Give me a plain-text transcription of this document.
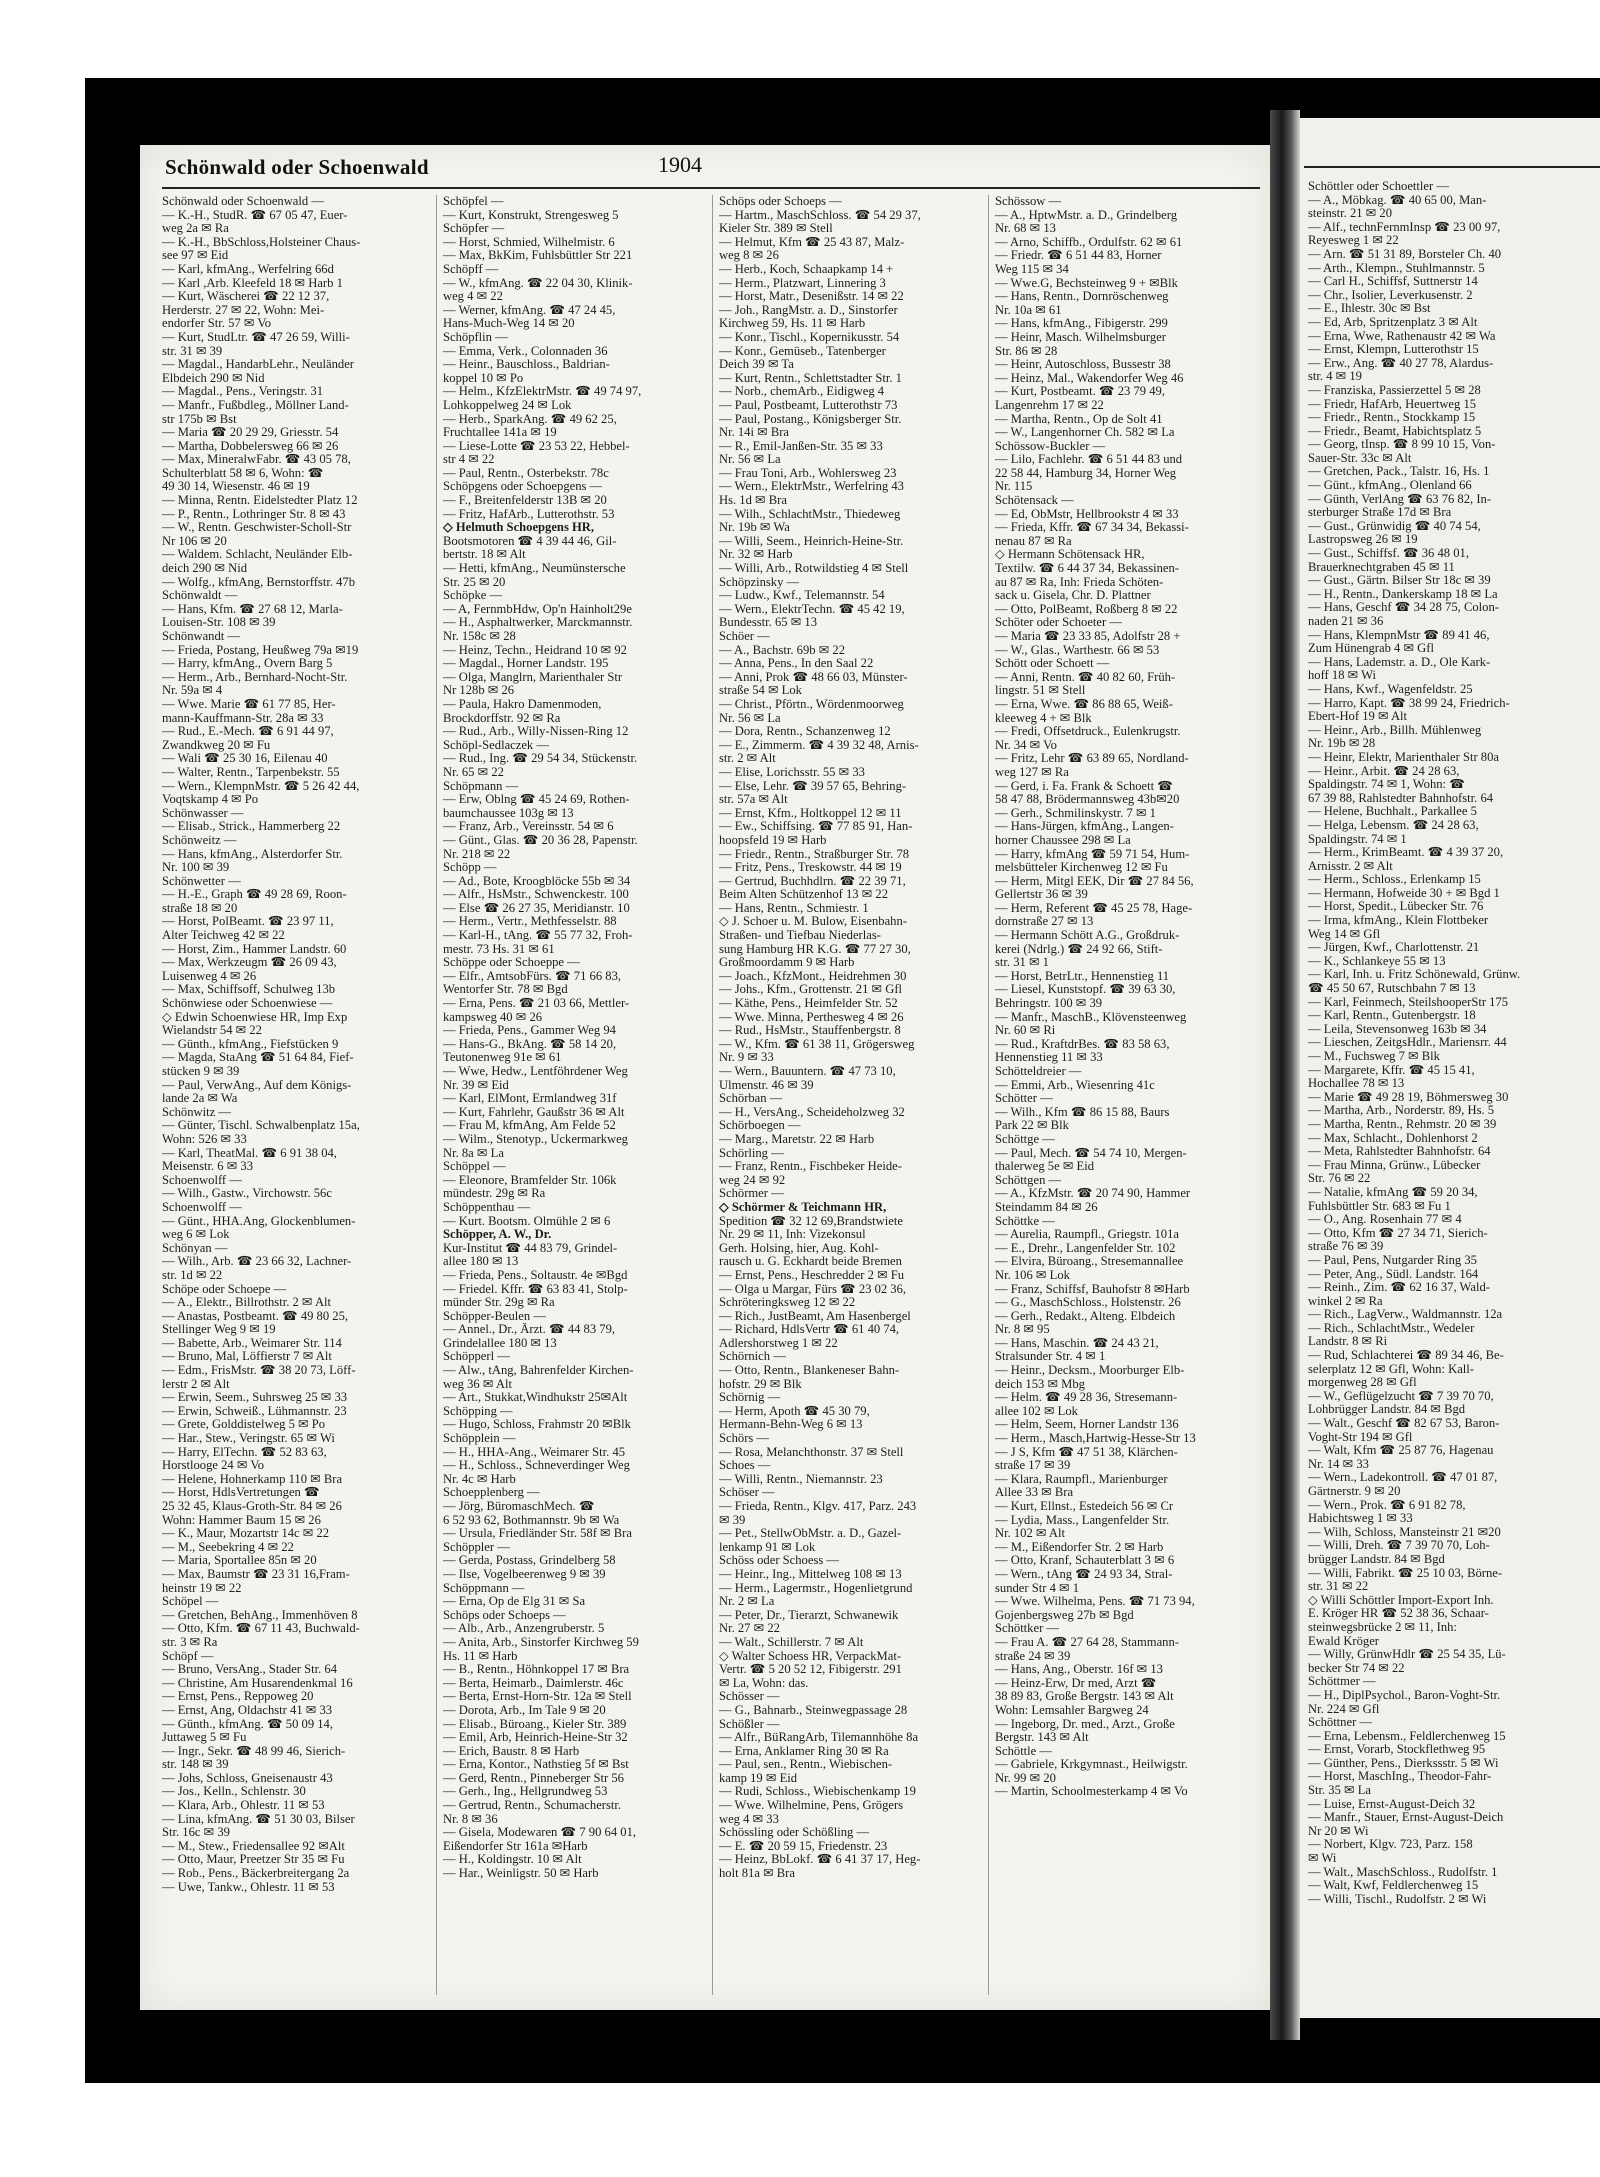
Schönwald oder Schoenwald	1904
Schönwald oder Schoenwald —
— K.-H., StudR. ☎ 67 05 47, Euer-
weg 2a ✉ Ra
— K.-H., BbSchloss,Holsteiner Chaus-
see 97 ✉ Eid
— Karl, kfmAng., Werfelring 66d
— Karl ,Arb. Kleefeld 18 ✉ Harb 1
— Kurt, Wäscherei ☎ 22 12 37,
Herderstr. 27 ✉ 22, Wohn: Mei-
endorfer Str. 57 ✉ Vo
— Kurt, StudLtr. ☎ 47 26 59, Willi-
str. 31 ✉ 39
— Magdal., HandarbLehr., Neuländer
Elbdeich 290 ✉ Nid
— Magdal., Pens., Veringstr. 31
— Manfr., Fußbdleg., Möllner Land-
str 175b ✉ Bst
— Maria ☎ 20 29 29, Griesstr. 54
— Martha, Dobbelersweg 66 ✉ 26
— Max, MineralwFabr. ☎ 43 05 78,
Schulterblatt 58 ✉ 6, Wohn: ☎
49 30 14, Wiesenstr. 46 ✉ 19
— Minna, Rentn. Eidelstedter Platz 12
— P., Rentn., Lothringer Str. 8 ✉ 43
— W., Rentn. Geschwister-Scholl-Str
Nr 106 ✉ 20
— Waldem. Schlacht, Neuländer Elb-
deich 290 ✉ Nid
— Wolfg., kfmAng, Bernstorffstr. 47b
Schönwaldt —
— Hans, Kfm. ☎ 27 68 12, Marla-
Louisen-Str. 108 ✉ 39
Schönwandt —
— Frieda, Postang, Heußweg 79a ✉19
— Harry, kfmAng., Overn Barg 5
— Herm., Arb., Bernhard-Nocht-Str.
Nr. 59a ✉ 4
— Wwe. Marie ☎ 61 77 85, Her-
mann-Kauffmann-Str. 28a ✉ 33
— Rud., E.-Mech. ☎ 6 91 44 97,
Zwandkweg 20 ✉ Fu
— Wali ☎ 25 30 16, Eilenau 40
— Walter, Rentn., Tarpenbekstr. 55
— Wern., KlempnMstr. ☎ 5 26 42 44,
Voqtskamp 4 ✉ Po
Schönwasser —
— Elisab., Strick., Hammerberg 22
Schönweitz —
— Hans, kfmAng., Alsterdorfer Str.
Nr. 100 ✉ 39
Schönwetter —
— H.-E., Graph ☎ 49 28 69, Roon-
straße 18 ✉ 20
— Horst, PolBeamt. ☎ 23 97 11,
Alter Teichweg 42 ✉ 22
— Horst, Zim., Hammer Landstr. 60
— Max, Werkzeugm ☎ 26 09 43,
Luisenweg 4 ✉ 26
— Max, Schiffsoff, Schulweg 13b
Schönwiese oder Schoenwiese —
◇ Edwin Schoenwiese HR, Imp Exp
Wielandstr 54 ✉ 22
— Günth., kfmAng., Fiefstücken 9
— Magda, StaAng ☎ 51 64 84, Fief-
stücken 9 ✉ 39
— Paul, VerwAng., Auf dem Königs-
lande 2a ✉ Wa
Schönwitz —
— Günter, Tischl. Schwalbenplatz 15a,
Wohn: 526 ✉ 33
— Karl, TheatMal. ☎ 6 91 38 04,
Meisenstr. 6 ✉ 33
Schoenwolff —
— Wilh., Gastw., Virchowstr. 56c
Schoenwolff —
— Günt., HHA.Ang, Glockenblumen-
weg 6 ✉ Lok
Schönyan —
— Wilh., Arb. ☎ 23 66 32, Lachner-
str. 1d ✉ 22
Schöpe oder Schoepe —
— A., Elektr., Billrothstr. 2 ✉ Alt
— Anastas, Postbeamt. ☎ 49 80 25,
Stellinger Weg 9 ✉ 19
— Babette, Arb., Weimarer Str. 114
— Bruno, Mal, Löffierstr 7 ✉ Alt
— Edm., FrisMstr. ☎ 38 20 73, Löff-
lerstr 2 ✉ Alt
— Erwin, Seem., Suhrsweg 25 ✉ 33
— Erwin, Schweiß., Lühmannstr. 23
— Grete, Golddistelweg 5 ✉ Po
— Har., Stew., Veringstr. 65 ✉ Wi
— Harry, ElTechn. ☎ 52 83 63,
Horstlooge 24 ✉ Vo
— Helene, Hohnerkamp 110 ✉ Bra
— Horst, HdlsVertretungen ☎
25 32 45, Klaus-Groth-Str. 84 ✉ 26
Wohn: Hammer Baum 15 ✉ 26
— K., Maur, Mozartstr 14c ✉ 22
— M., Seebekring 4 ✉ 22
— Maria, Sportallee 85n ✉ 20
— Max, Baumstr ☎ 23 31 16,Fram-
heinstr 19 ✉ 22
Schöpel —
— Gretchen, BehAng., Immenhöven 8
— Otto, Kfm. ☎ 67 11 43, Buchwald-
str. 3 ✉ Ra
Schöpf —
— Bruno, VersAng., Stader Str. 64
— Christine, Am Husarendenkmal 16
— Ernst, Pens., Reppoweg 20
— Ernst, Ang, Oldachstr 41 ✉ 33
— Günth., kfmAng. ☎ 50 09 14,
Juttaweg 5 ✉ Fu
— Ingr., Sekr. ☎ 48 99 46, Sierich-
str. 148 ✉ 39
— Johs, Schloss, Gneisenaustr 43
— Jos., Kelln., Schlenstr. 30
— Klara, Arb., Ohlestr. 11 ✉ 53
— Lina, kfmAng. ☎ 51 30 03, Bilser
Str. 16c ✉ 39
— M., Stew., Friedensallee 92 ✉Alt
— Otto, Maur, Preetzer Str 35 ✉ Fu
— Rob., Pens., Bäckerbreitergang 2a
— Uwe, Tankw., Ohlestr. 11 ✉ 53
Schöpfel —
— Kurt, Konstrukt, Strengesweg 5
Schöpfer —
— Horst, Schmied, Wilhelmistr. 6
— Max, BkKim, Fuhlsbüttler Str 221
Schöpff —
— W., kfmAng. ☎ 22 04 30, Klinik-
weg 4 ✉ 22
— Werner, kfmAng. ☎ 47 24 45,
Hans-Much-Weg 14 ✉ 20
Schöpflin —
— Emma, Verk., Colonnaden 36
— Heinr., Bauschloss., Baldrian-
koppel 10 ✉ Po
— Helm., KfzElektrMstr. ☎ 49 74 97,
Lohkoppelweg 24 ✉ Lok
— Herb., SparkAng. ☎ 49 62 25,
Fruchtallee 141a ✉ 19
— Liese-Lotte ☎ 23 53 22, Hebbel-
str 4 ✉ 22
— Paul, Rentn., Osterbekstr. 78c
Schöpgens oder Schoepgens —
— F., Breitenfelderstr 13B ✉ 20
— Fritz, HafArb., Lutterothstr. 53
◇ Helmuth Schoepgens HR,
Bootsmotoren ☎ 4 39 44 46, Gil-
bertstr. 18 ✉ Alt
— Hetti, kfmAng., Neumünstersche
Str. 25 ✉ 20
Schöpke —
— A, FernmbHdw, Op'n Hainholt29e
— H., Asphaltwerker, Marckmannstr.
Nr. 158c ✉ 28
— Heinz, Techn., Heidrand 10 ✉ 92
— Magdal., Horner Landstr. 195
— Olga, Manglrn, Marienthaler Str
Nr 128b ✉ 26
— Paula, Hakro Damenmoden,
Brockdorffstr. 92 ✉ Ra
— Rud., Arb., Willy-Nissen-Ring 12
Schöpl-Sedlaczek —
— Rud., Ing. ☎ 29 54 34, Stückenstr.
Nr. 65 ✉ 22
Schöpmann —
— Erw, Oblng ☎ 45 24 69, Rothen-
baumchaussee 103g ✉ 13
— Franz, Arb., Vereinsstr. 54 ✉ 6
— Günt., Glas. ☎ 20 36 28, Papenstr.
Nr. 218 ✉ 22
Schöpp —
— Ad., Bote, Kroogblöcke 55b ✉ 34
— Alfr., HsMstr., Schwenckestr. 100
— Else ☎ 26 27 35, Meridianstr. 10
— Herm., Vertr., Methfesselstr. 88
— Karl-H., tAng. ☎ 55 77 32, Froh-
mestr. 73 Hs. 31 ✉ 61
Schöppe oder Schoeppe —
— Elfr., AmtsobFürs. ☎ 71 66 83,
Wentorfer Str. 78 ✉ Bgd
— Erna, Pens. ☎ 21 03 66, Mettler-
kampsweg 40 ✉ 26
— Frieda, Pens., Gammer Weg 94
— Hans-G., BkAng. ☎ 58 14 20,
Teutonenweg 91e ✉ 61
— Wwe, Hedw., Lentföhrdener Weg
Nr. 39 ✉ Eid
— Karl, ElMont, Ermlandweg 31f
— Kurt, Fahrlehr, Gaußstr 36 ✉ Alt
— Frau M, kfmAng, Am Felde 52
— Wilm., Stenotyp., Uckermarkweg
Nr. 8a ✉ La
Schöppel —
— Eleonore, Bramfelder Str. 106k
mündestr. 29g ✉ Ra
Schöppenthau —
— Kurt. Bootsm. Olmühle 2 ✉ 6
Schöpper, A. W., Dr.
Kur-Institut ☎ 44 83 79, Grindel-
allee 180 ✉ 13
— Frieda, Pens., Soltaustr. 4e ✉Bgd
— Friedel. Kffr. ☎ 63 83 41, Stolp-
münder Str. 29g ✉ Ra
Schöpper-Beulen —
— Annel., Dr., Ärzt. ☎ 44 83 79,
Grindelallee 180 ✉ 13
Schöpperl —
— Alw., tAng, Bahrenfelder Kirchen-
weg 36 ✉ Alt
— Art., Stukkat,Windhukstr 25✉Alt
Schöpping —
— Hugo, Schloss, Frahmstr 20 ✉Blk
Schöpplein —
— H., HHA-Ang., Weimarer Str. 45
— H., Schloss., Schneverdinger Weg
Nr. 4c ✉ Harb
Schoepplenberg —
— Jörg, BüromaschMech. ☎
6 52 93 62, Bothmannstr. 9b ✉ Wa
— Ursula, Friedländer Str. 58f ✉ Bra
Schöppler —
— Gerda, Postass, Grindelberg 58
— Ilse, Vogelbeerenweg 9 ✉ 39
Schöppmann —
— Erna, Op de Elg 31 ✉ Sa
Schöps oder Schoeps —
— Alb., Arb., Anzengruberstr. 5
— Anita, Arb., Sinstorfer Kirchweg 59
Hs. 11 ✉ Harb
— B., Rentn., Höhnkoppel 17 ✉ Bra
— Berta, Heimarb., Daimlerstr. 46c
— Berta, Ernst-Horn-Str. 12a ✉ Stell
— Dorota, Arb., Im Tale 9 ✉ 20
— Elisab., Büroang., Kieler Str. 389
— Emil, Arb, Heinrich-Heine-Str 32
— Erich, Baustr. 8 ✉ Harb
— Erna, Kontor., Nathstieg 5f ✉ Bst
— Gerd, Rentn., Pinneberger Str 56
— Gerh., Ing., Hellgrundweg 53
— Gertrud, Rentn., Schumacherstr.
Nr. 8 ✉ 36
— Gisela, Modewaren ☎ 7 90 64 01,
Eißendorfer Str 161a ✉Harb
— H., Koldingstr. 10 ✉ Alt
— Har., Weinligstr. 50 ✉ Harb
Schöps oder Schoeps —
— Hartm., MaschSchloss. ☎ 54 29 37,
Kieler Str. 389 ✉ Stell
— Helmut, Kfm ☎ 25 43 87, Malz-
weg 8 ✉ 26
— Herb., Koch, Schaapkamp 14 +
— Herm., Platzwart, Linnering 3
— Horst, Matr., Desenißstr. 14 ✉ 22
— Joh., RangMstr. a. D., Sinstorfer
Kirchweg 59, Hs. 11 ✉ Harb
— Konr., Tischl., Kopernikusstr. 54
— Konr., Gemüseb., Tatenberger
Deich 39 ✉ Ta
— Kurt, Rentn., Schlettstadter Str. 1
— Norb., chemArb., Eidigweg 4
— Paul, Postbeamt, Lutterothstr 73
— Paul, Postang., Königsberger Str.
Nr. 14i ✉ Bra
— R., Emil-Janßen-Str. 35 ✉ 33
Nr. 56 ✉ La
— Frau Toni, Arb., Wohlersweg 23
— Wern., ElektrMstr., Werfelring 43
Hs. 1d ✉ Bra
— Wilh., SchlachtMstr., Thiedeweg
Nr. 19b ✉ Wa
— Willi, Seem., Heinrich-Heine-Str.
Nr. 32 ✉ Harb
— Willi, Arb., Rotwildstieg 4 ✉ Stell
Schöpzinsky —
— Ludw., Kwf., Telemannstr. 54
— Wern., ElektrTechn. ☎ 45 42 19,
Bundesstr. 65 ✉ 13
Schöer —
— A., Bachstr. 69b ✉ 22
— Anna, Pens., In den Saal 22
— Anni, Prok ☎ 48 66 03, Münster-
straße 54 ✉ Lok
— Christ., Pförtn., Wördenmoorweg
Nr. 56 ✉ La
— Dora, Rentn., Schanzenweg 12
— E., Zimmerm. ☎ 4 39 32 48, Arnis-
str. 2 ✉ Alt
— Elise, Lorichsstr. 55 ✉ 33
— Else, Lehr. ☎ 39 57 65, Behring-
str. 57a ✉ Alt
— Ernst, Kfm., Holtkoppel 12 ✉ 11
— Ew., Schiffsing. ☎ 77 85 91, Han-
hoopsfeld 19 ✉ Harb
— Friedr., Rentn., Straßburger Str. 78
— Fritz, Pens., Treskowstr. 44 ✉ 19
— Gertrud, Buchhdlrn. ☎ 22 39 71,
Beim Alten Schützenhof 13 ✉ 22
— Hans, Rentn., Schmiestr. 1
◇ J. Schoer u. M. Bulow, Eisenbahn-
Straßen- und Tiefbau Niederlas-
sung Hamburg HR K.G. ☎ 77 27 30,
Großmoordamm 9 ✉ Harb
— Joach., KfzMont., Heidrehmen 30
— Johs., Kfm., Grottenstr. 21 ✉ Gfl
— Käthe, Pens., Heimfelder Str. 52
— Wwe. Minna, Perthesweg 4 ✉ 26
— Rud., HsMstr., Stauffenbergstr. 8
— W., Kfm. ☎ 61 38 11, Grögersweg
Nr. 9 ✉ 33
— Wern., Bauuntern. ☎ 47 73 10,
Ulmenstr. 46 ✉ 39
Schörban —
— H., VersAng., Scheideholzweg 32
Schörboegen —
— Marg., Maretstr. 22 ✉ Harb
Schörling —
— Franz, Rentn., Fischbeker Heide-
weg 24 ✉ 92
Schörmer —
◇ Schörmer & Teichmann HR,
Spedition ☎ 32 12 69,Brandstwiete
Nr. 29 ✉ 11, Inh: Vizekonsul
Gerh. Holsing, hier, Aug. Kohl-
rausch u. G. Eckhardt beide Bremen
— Ernst, Pens., Heschredder 2 ✉ Fu
— Olga u Margar, Fürs ☎ 23 02 36,
Schröteringksweg 12 ✉ 22
— Rich., JustBeamt, Am Hasenbergel
— Richard, HdlsVertr ☎ 61 40 74,
Adlershorstweg 1 ✉ 22
Schörnich —
— Otto, Rentn., Blankeneser Bahn-
hofstr. 29 ✉ Blk
Schörnig —
— Herm, Apoth ☎ 45 30 79,
Hermann-Behn-Weg 6 ✉ 13
Schörs —
— Rosa, Melanchthonstr. 37 ✉ Stell
Schoes —
— Willi, Rentn., Niemannstr. 23
Schöser —
— Frieda, Rentn., Klgv. 417, Parz. 243
✉ 39
— Pet., StellwObMstr. a. D., Gazel-
lenkamp 91 ✉ Lok
Schöss oder Schoess —
— Heinr., Ing., Mittelweg 108 ✉ 13
— Herm., Lagermstr., Hogenlietgrund
Nr. 2 ✉ La
— Peter, Dr., Tierarzt, Schwanewik
Nr. 27 ✉ 22
— Walt., Schillerstr. 7 ✉ Alt
◇ Walter Schoess HR, VerpackMat-
Vertr. ☎ 5 20 52 12, Fibigerstr. 291
✉ La, Wohn: das.
Schösser —
— G., Bahnarb., Steinwegpassage 28
Schößler —
— Alfr., BüRangArb, Tilemannhöhe 8a
— Erna, Anklamer Ring 30 ✉ Ra
— Paul, sen., Rentn., Wiebischen-
kamp 19 ✉ Eid
— Rudi, Schloss., Wiebischenkamp 19
— Wwe. Wilhelmine, Pens, Grögers
weg 4 ✉ 33
Schössling oder Schößling —
— E. ☎ 20 59 15, Friedenstr. 23
— Heinz, BbLokf. ☎ 6 41 37 17, Heg-
holt 81a ✉ Bra
Schössow —
— A., HptwMstr. a. D., Grindelberg
Nr. 68 ✉ 13
— Arno, Schiffb., Ordulfstr. 62 ✉ 61
— Friedr. ☎ 6 51 44 83, Horner
Weg 115 ✉ 34
— Wwe.G, Bechsteinweg 9 + ✉Blk
— Hans, Rentn., Dornröschenweg
Nr. 10a ✉ 61
— Hans, kfmAng., Fibigerstr. 299
— Heinr, Masch. Wilhelmsburger
Str. 86 ✉ 28
— Heinr, Autoschloss, Bussestr 38
— Heinz, Mal., Wakendorfer Weg 46
— Kurt, Postbeamt. ☎ 23 79 49,
Langenrehm 17 ✉ 22
— Martha, Rentn., Op de Solt 41
— W., Langenhorner Ch. 582 ✉ La
Schössow-Buckler —
— Lilo, Fachlehr. ☎ 6 51 44 83 und
22 58 44, Hamburg 34, Horner Weg
Nr. 115
Schötensack —
— Ed, ObMstr, Hellbrookstr 4 ✉ 33
— Frieda, Kffr. ☎ 67 34 34, Bekassi-
nenau 87 ✉ Ra
◇ Hermann Schötensack HR,
Textilw. ☎ 6 44 37 34, Bekassinen-
au 87 ✉ Ra, Inh: Frieda Schöten-
sack u. Gisela, Chr. D. Plattner
— Otto, PolBeamt, Roßberg 8 ✉ 22
Schöter oder Schoeter —
— Maria ☎ 23 33 85, Adolfstr 28 +
— W., Glas., Warthestr. 66 ✉ 53
Schött oder Schoett —
— Anni, Rentn. ☎ 40 82 60, Früh-
lingstr. 51 ✉ Stell
— Erna, Wwe. ☎ 86 88 65, Weiß-
kleeweg 4 + ✉ Blk
— Fredi, Offsetdruck., Eulenkrugstr.
Nr. 34 ✉ Vo
— Fritz, Lehr ☎ 63 89 65, Nordland-
weg 127 ✉ Ra
— Gerd, i. Fa. Frank & Schoett ☎
58 47 88, Brödermannsweg 43b✉20
— Gerh., Schmilinskystr. 7 ✉ 1
— Hans-Jürgen, kfmAng., Langen-
horner Chaussee 298 ✉ La
— Harry, kfmAng ☎ 59 71 54, Hum-
melsbütteler Kirchenweg 12 ✉ Fu
— Herm, Mitgl EEK, Dir ☎ 27 84 56,
Gellertstr 36 ✉ 39
— Herm, Referent ☎ 45 25 78, Hage-
dornstraße 27 ✉ 13
— Hermann Schött A.G., Großdruk-
kerei (Ndrlg.) ☎ 24 92 66, Stift-
str. 31 ✉ 1
— Horst, BetrLtr., Hennenstieg 11
— Liesel, Kunststopf. ☎ 39 63 30,
Behringstr. 100 ✉ 39
— Manfr., MaschB., Klövensteenweg
Nr. 60 ✉ Ri
— Rud., KraftdrBes. ☎ 83 58 63,
Hennenstieg 11 ✉ 33
Schötteldreier —
— Emmi, Arb., Wiesenring 41c
Schötter —
— Wilh., Kfm ☎ 86 15 88, Baurs
Park 22 ✉ Blk
Schöttge —
— Paul, Mech. ☎ 54 74 10, Mergen-
thalerweg 5e ✉ Eid
Schöttgen —
— A., KfzMstr. ☎ 20 74 90, Hammer
Steindamm 84 ✉ 26
Schöttke —
— Aurelia, Raumpfl., Griegstr. 101a
— E., Drehr., Langenfelder Str. 102
— Elvira, Büroang., Stresemannallee
Nr. 106 ✉ Lok
— Franz, Schiffsf, Bauhofstr 8 ✉Harb
— G., MaschSchloss., Holstenstr. 26
— Gerh., Redakt., Alteng. Elbdeich
Nr. 8 ✉ 95
— Hans, Maschin. ☎ 24 43 21,
Stralsunder Str. 4 ✉ 1
— Heinr., Decksm., Moorburger Elb-
deich 153 ✉ Mbg
— Helm. ☎ 49 28 36, Stresemann-
allee 102 ✉ Lok
— Helm, Seem, Horner Landstr 136
— Herm., Masch,Hartwig-Hesse-Str 13
— J S, Kfm ☎ 47 51 38, Klärchen-
straße 17 ✉ 39
— Klara, Raumpfl., Marienburger
Allee 33 ✉ Bra
— Kurt, Ellnst., Estedeich 56 ✉ Cr
— Lydia, Mass., Langenfelder Str.
Nr. 102 ✉ Alt
— M., Eißendorfer Str. 2 ✉ Harb
— Otto, Kranf, Schauterblatt 3 ✉ 6
— Wern., tAng ☎ 24 93 34, Stral-
sunder Str 4 ✉ 1
— Wwe. Wilhelma, Pens. ☎ 71 73 94,
Gojenbergsweg 27b ✉ Bgd
Schöttker —
— Frau A. ☎ 27 64 28, Stammann-
straße 24 ✉ 39
— Hans, Ang., Oberstr. 16f ✉ 13
— Heinz-Erw, Dr med, Arzt ☎
38 89 83, Große Bergstr. 143 ✉ Alt
Wohn: Lemsahler Bargweg 24
— Ingeborg, Dr. med., Arzt., Große
Bergstr. 143 ✉ Alt
Schöttle —
— Gabriele, Krkgymnast., Heilwigstr.
Nr. 99 ✉ 20
— Martin, Schoolmesterkamp 4 ✉ Vo
Schöttler oder Schoettler —
— A., Möbkag. ☎ 40 65 00, Man-
steinstr. 21 ✉ 20
— Alf., technFernmInsp ☎ 23 00 97,
Reyesweg 1 ✉ 22
— Arn. ☎ 51 31 89, Borsteler Ch. 40
— Arth., Klempn., Stuhlmannstr. 5
— Carl H., Schiffsf, Suttnerstr 14
— Chr., Isolier, Leverkusenstr. 2
— E., Ihlestr. 30c ✉ Bst
— Ed, Arb, Spritzenplatz 3 ✉ Alt
— Erna, Wwe, Rathenaustr 42 ✉ Wa
— Ernst, Klempn, Lutterothstr 15
— Erw., Ang. ☎ 40 27 78, Alardus-
str. 4 ✉ 19
— Franziska, Passierzettel 5 ✉ 28
— Friedr, HafArb, Heuertweg 15
— Friedr., Rentn., Stockkamp 15
— Friedr., Beamt, Habichtsplatz 5
— Georg, tInsp. ☎ 8 99 10 15, Von-
Sauer-Str. 33c ✉ Alt
— Gretchen, Pack., Talstr. 16, Hs. 1
— Günt., kfmAng., Olenland 66
— Günth, VerlAng ☎ 63 76 82, In-
sterburger Straße 17d ✉ Bra
— Gust., Grünwidig ☎ 40 74 54,
Lastropsweg 26 ✉ 19
— Gust., Schiffsf. ☎ 36 48 01,
Brauerknechtgraben 45 ✉ 11
— Gust., Gärtn. Bilser Str 18c ✉ 39
— H., Rentn., Dankerskamp 18 ✉ La
— Hans, Geschf ☎ 34 28 75, Colon-
naden 21 ✉ 36
— Hans, KlempnMstr ☎ 89 41 46,
Zum Hünengrab 4 ✉ Gfl
— Hans, Lademstr. a. D., Ole Kark-
hoff 18 ✉ Wi
— Hans, Kwf., Wagenfeldstr. 25
— Harro, Kapt. ☎ 38 99 24, Friedrich-
Ebert-Hof 19 ✉ Alt
— Heinr., Arb., Billh. Mühlenweg
Nr. 19b ✉ 28
— Heinr, Elektr, Marienthaler Str 80a
— Heinr., Arbit. ☎ 24 28 63,
Spaldingstr. 74 ✉ 1, Wohn: ☎
67 39 88, Rahlstedter Bahnhofstr. 64
— Helene, Buchhalt., Parkallee 5
— Helga, Lebensm. ☎ 24 28 63,
Spaldingstr. 74 ✉ 1
— Herm., KrimBeamt. ☎ 4 39 37 20,
Arnisstr. 2 ✉ Alt
— Herm., Schloss., Erlenkamp 15
— Hermann, Hofweide 30 + ✉ Bgd 1
— Horst, Spedit., Lübecker Str. 76
— Irma, kfmAng., Klein Flottbeker
Weg 14 ✉ Gfl
— Jürgen, Kwf., Charlottenstr. 21
— K., Schlankeye 55 ✉ 13
— Karl, Inh. u. Fritz Schönewald, Grünw.
☎ 45 50 67, Rutschbahn 7 ✉ 13
— Karl, Feinmech, SteilshooperStr 175
— Karl, Rentn., Gutenbergstr. 18
— Leila, Stevensonweg 163b ✉ 34
— Lieschen, ZeitgsHdlr., Mariensrr. 44
— M., Fuchsweg 7 ✉ Blk
— Margarete, Kffr. ☎ 45 15 41,
Hochallee 78 ✉ 13
— Marie ☎ 49 28 19, Böhmersweg 30
— Martha, Arb., Norderstr. 89, Hs. 5
— Martha, Rentn., Rehmstr. 20 ✉ 39
— Max, Schlacht., Dohlenhorst 2
— Meta, Rahlstedter Bahnhofstr. 64
— Frau Minna, Grünw., Lübecker
Str. 76 ✉ 22
— Natalie, kfmAng ☎ 59 20 34,
Fuhlsbüttler Str. 683 ✉ Fu 1
— O., Ang. Rosenhain 77 ✉ 4
— Otto, Kfm ☎ 27 34 71, Sierich-
straße 76 ✉ 39
— Paul, Pens, Nutgarder Ring 35
— Peter, Ang., Südl. Landstr. 164
— Reinh., Zim. ☎ 62 16 37, Wald-
winkel 2 ✉ Ra
— Rich., LagVerw., Waldmannstr. 12a
— Rich., SchlachtMstr., Wedeler
Landstr. 8 ✉ Ri
— Rud, Schlachterei ☎ 89 34 46, Be-
selerplatz 12 ✉ Gfl, Wohn: Kall-
morgenweg 28 ✉ Gfl
— W., Geflügelzucht ☎ 7 39 70 70,
Lohbrügger Landstr. 84 ✉ Bgd
— Walt., Geschf ☎ 82 67 53, Baron-
Voght-Str 194 ✉ Gfl
— Walt, Kfm ☎ 25 87 76, Hagenau
Nr. 14 ✉ 33
— Wern., Ladekontroll. ☎ 47 01 87,
Gärtnerstr. 9 ✉ 20
— Wern., Prok. ☎ 6 91 82 78,
Habichtsweg 1 ✉ 33
— Wilh, Schloss, Mansteinstr 21 ✉20
— Willi, Dreh. ☎ 7 39 70 70, Loh-
brügger Landstr. 84 ✉ Bgd
— Willi, Fabrikt. ☎ 25 10 03, Börne-
str. 31 ✉ 22
◇ Willi Schöttler Import-Export Inh.
E. Kröger HR ☎ 52 38 36, Schaar-
steinwegsbrücke 2 ✉ 11, Inh:
Ewald Kröger
— Willy, GrünwHdlr ☎ 25 54 35, Lü-
becker Str 74 ✉ 22
Schöttmer —
— H., DiplPsychol., Baron-Voght-Str.
Nr. 224 ✉ Gfl
Schöttner —
— Erna, Lebensm., Feldlerchenweg 15
— Ernst, Vorarb, Stockflethweg 95
— Günther, Pens., Dierkssstr. 5 ✉ Wi
— Horst, MaschIng., Theodor-Fahr-
Str. 35 ✉ La
— Luise, Ernst-August-Deich 32
— Manfr., Stauer, Ernst-August-Deich
Nr 20 ✉ Wi
— Norbert, Klgv. 723, Parz. 158
✉ Wi
— Walt., MaschSchloss., Rudolfstr. 1
— Walt, Kwf, Feldlerchenweg 15
— Willi, Tischl., Rudolfstr. 2 ✉ Wi
